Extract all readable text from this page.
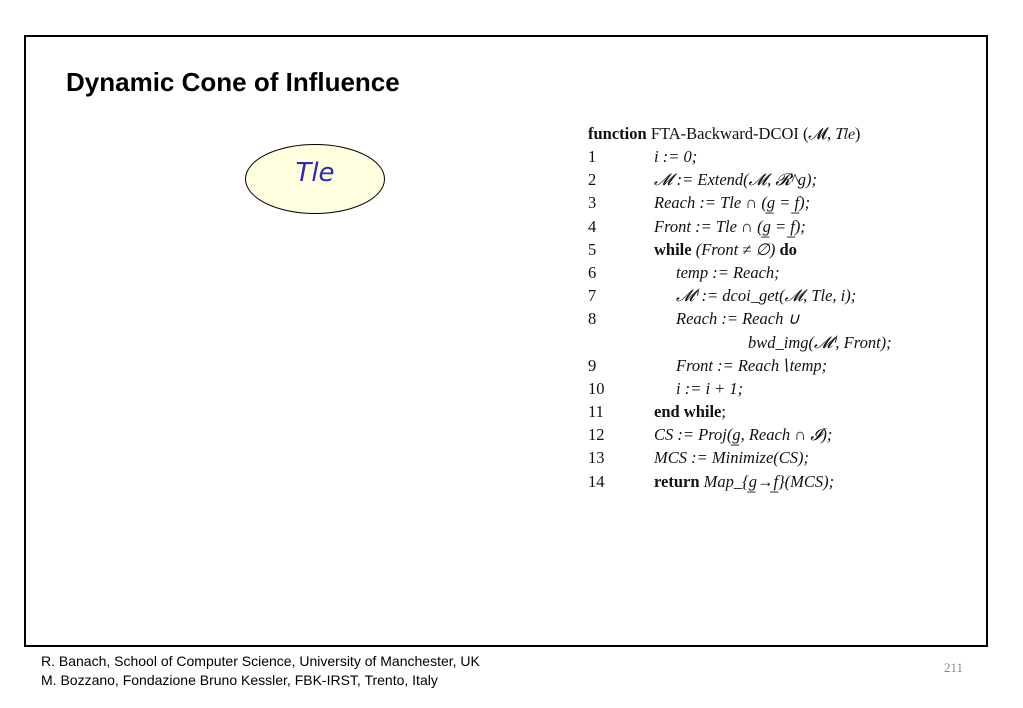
Dynamic Cone of Influence
Tle
function FTA-Backward-DCOI (𝓜, 𝑇𝑙𝑒)
1	i := 0;
2	𝓜 := Extend(𝓜, 𝓡^g);
3	Reach := Tle ∩ (g̲ = f̲);
4	Front := Tle ∩ (g̲ = f̲);
5	while (Front ≠ ∅) do
6	temp := Reach;
7	𝓜ⁱ := dcoi_get(𝓜, Tle, i);
8	Reach := Reach ∪
bwd_img(𝓜ⁱ, Front);
9	Front := Reach∖temp;
10	i := i + 1;
11	end while;
12	CS := Proj(g̲, Reach ∩ 𝓘);
13	MCS := Minimize(CS);
14	return Map_{g̲→f̲}(MCS);
R. Banach, School of Computer Science, University of Manchester, UK
M. Bozzano, Fondazione Bruno Kessler, FBK-IRST, Trento, Italy
211
